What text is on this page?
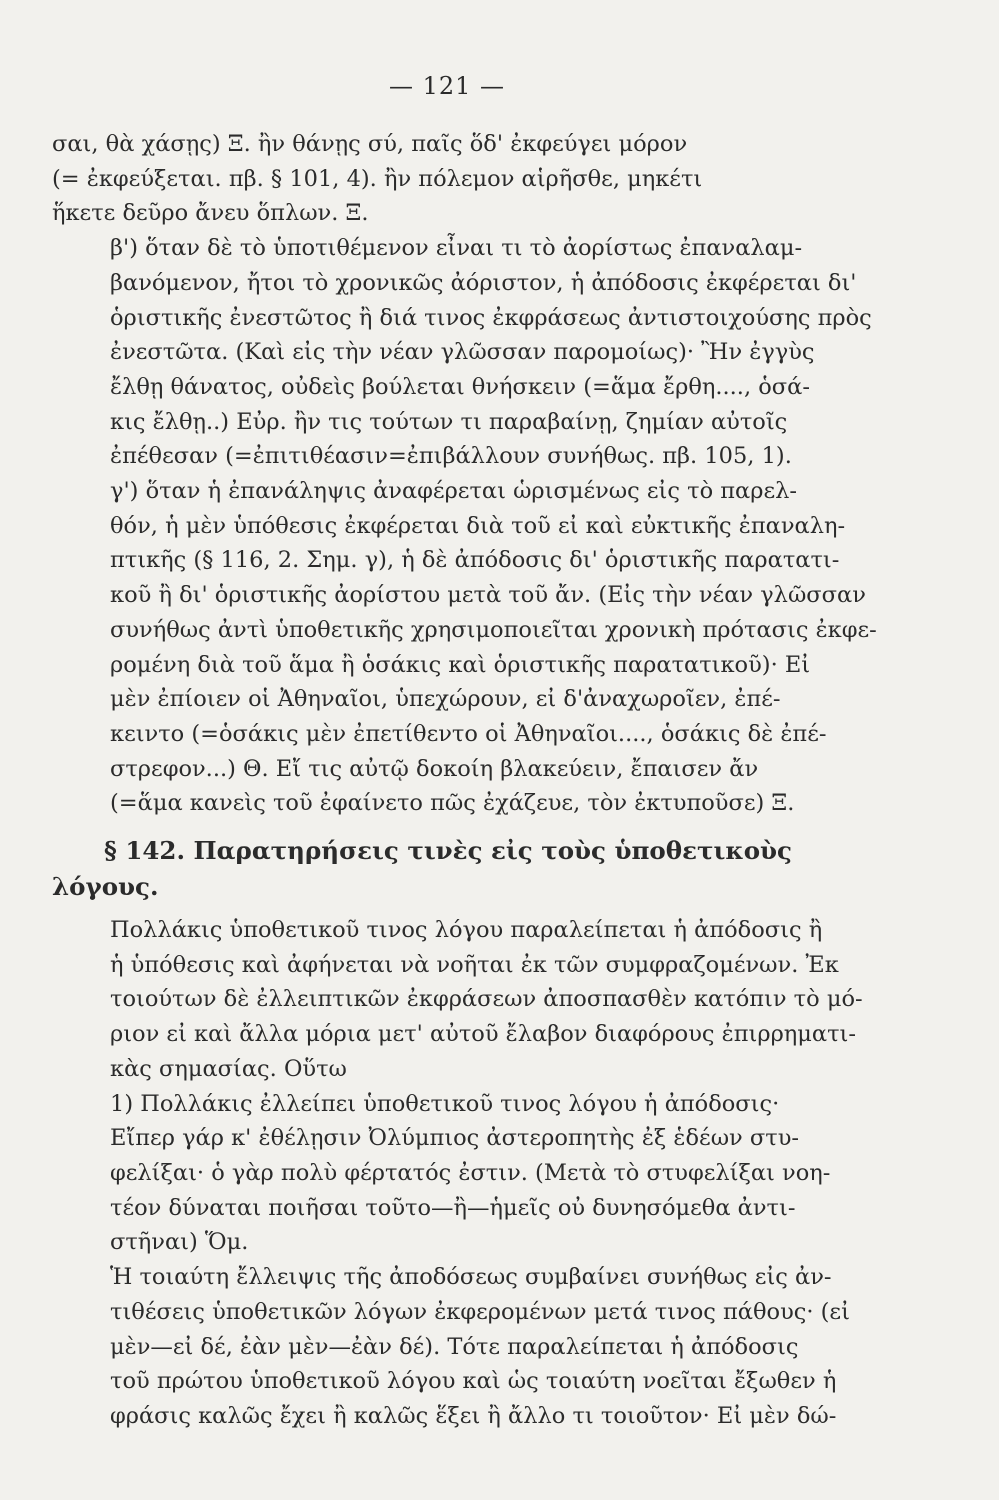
— 121 —
σαι, θὰ χάσῃς) Ξ. ἢν θάνῃς σύ, παῖς ὅδ' ἐκφεύγει μόρον
(= ἐκφεύξεται. πβ. § 101, 4). ἢν πόλεμον αἱρῆσθε, μηκέτι
ἥκετε δεῦρο ἄνευ ὅπλων. Ξ.
β') ὅταν δὲ τὸ ὑποτιθέμενον εἶναι τι τὸ ἀορίστως ἐπαναλαμ-
βανόμενον, ἤτοι τὸ χρονικῶς ἀόριστον, ἡ ἀπόδοσις ἐκφέρεται δι'
ὁριστικῆς ἐνεστῶτος ἢ διά τινος ἐκφράσεως ἀντιστοιχούσης πρὸς
ἐνεστῶτα. (Καὶ εἰς τὴν νέαν γλῶσσαν παρομοίως)· Ἢν ἐγγὺς
ἔλθῃ θάνατος, οὐδεὶς βούλεται θνήσκειν (=ἅμα ἔρθη...., ὁσά-
κις ἔλθῃ..) Εὐρ. ἢν τις τούτων τι παραβαίνῃ, ζημίαν αὐτοῖς
ἐπέθεσαν (=ἐπιτιθέασιν=ἐπιβάλλουν συνήθως. πβ. 105, 1).
γ') ὅταν ἡ ἐπανάληψις ἀναφέρεται ὡρισμένως εἰς τὸ παρελ-
θόν, ἡ μὲν ὑπόθεσις ἐκφέρεται διὰ τοῦ εἰ καὶ εὐκτικῆς ἐπαναλη-
πτικῆς (§ 116, 2. Σημ. γ), ἡ δὲ ἀπόδοσις δι' ὁριστικῆς παρατατι-
κοῦ ἢ δι' ὁριστικῆς ἀορίστου μετὰ τοῦ ἄν. (Εἰς τὴν νέαν γλῶσσαν
συνήθως ἀντὶ ὑποθετικῆς χρησιμοποιεῖται χρονικὴ πρότασις ἐκφε-
ρομένη διὰ τοῦ ἅμα ἢ ὁσάκις καὶ ὁριστικῆς παρατατικοῦ)· Εἰ
μὲν ἐπίοιεν οἱ Ἀθηναῖοι, ὑπεχώρουν, εἰ δ'ἀναχωροῖεν, ἐπέ-
κειντο (=ὁσάκις μὲν ἐπετίθεντο οἱ Ἀθηναῖοι...., ὁσάκις δὲ ἐπέ-
στρεφον...) Θ. Εἴ τις αὐτῷ δοκοίη βλακεύειν, ἔπαισεν ἄν
(=ἅμα κανεὶς τοῦ ἐφαίνετο πῶς ἐχάζευε, τὸν ἐκτυποῦσε) Ξ.
§ 142. Παρατηρήσεις τινὲς εἰς τοὺς ὑποθετικοὺς λόγους.
Πολλάκις ὑποθετικοῦ τινος λόγου παραλείπεται ἡ ἀπόδοσις ἢ
ἡ ὑπόθεσις καὶ ἀφήνεται νὰ νοῆται ἐκ τῶν συμφραζομένων. Ἐκ
τοιούτων δὲ ἐλλειπτικῶν ἐκφράσεων ἀποσπασθὲν κατόπιν τὸ μό-
ριον εἰ καὶ ἄλλα μόρια μετ' αὐτοῦ ἔλαβον διαφόρους ἐπιρρηματι-
κὰς σημασίας. Οὕτω
1) Πολλάκις ἐλλείπει ὑποθετικοῦ τινος λόγου ἡ ἀπόδοσις·
Εἴπερ γάρ κ' ἐθέλῃσιν Ὀλύμπιος ἀστεροπητὴς ἐξ ἑδέων στυ-
φελίξαι· ὁ γὰρ πολὺ φέρτατός ἐστιν. (Μετὰ τὸ στυφελίξαι νοη-
τέον δύναται ποιῆσαι τοῦτο—ἢ—ἡμεῖς οὐ δυνησόμεθα ἀντι-
στῆναι) Ὅμ.
Ἡ τοιαύτη ἔλλειψις τῆς ἀποδόσεως συμβαίνει συνήθως εἰς ἀν-
τιθέσεις ὑποθετικῶν λόγων ἐκφερομένων μετά τινος πάθους· (εἰ
μὲν—εἰ δέ, ἐὰν μὲν—ἐὰν δέ). Τότε παραλείπεται ἡ ἀπόδοσις
τοῦ πρώτου ὑποθετικοῦ λόγου καὶ ὡς τοιαύτη νοεῖται ἔξωθεν ἡ
φράσις καλῶς ἔχει ἢ καλῶς ἕξει ἢ ἄλλο τι τοιοῦτον· Εἰ μὲν δώ-
